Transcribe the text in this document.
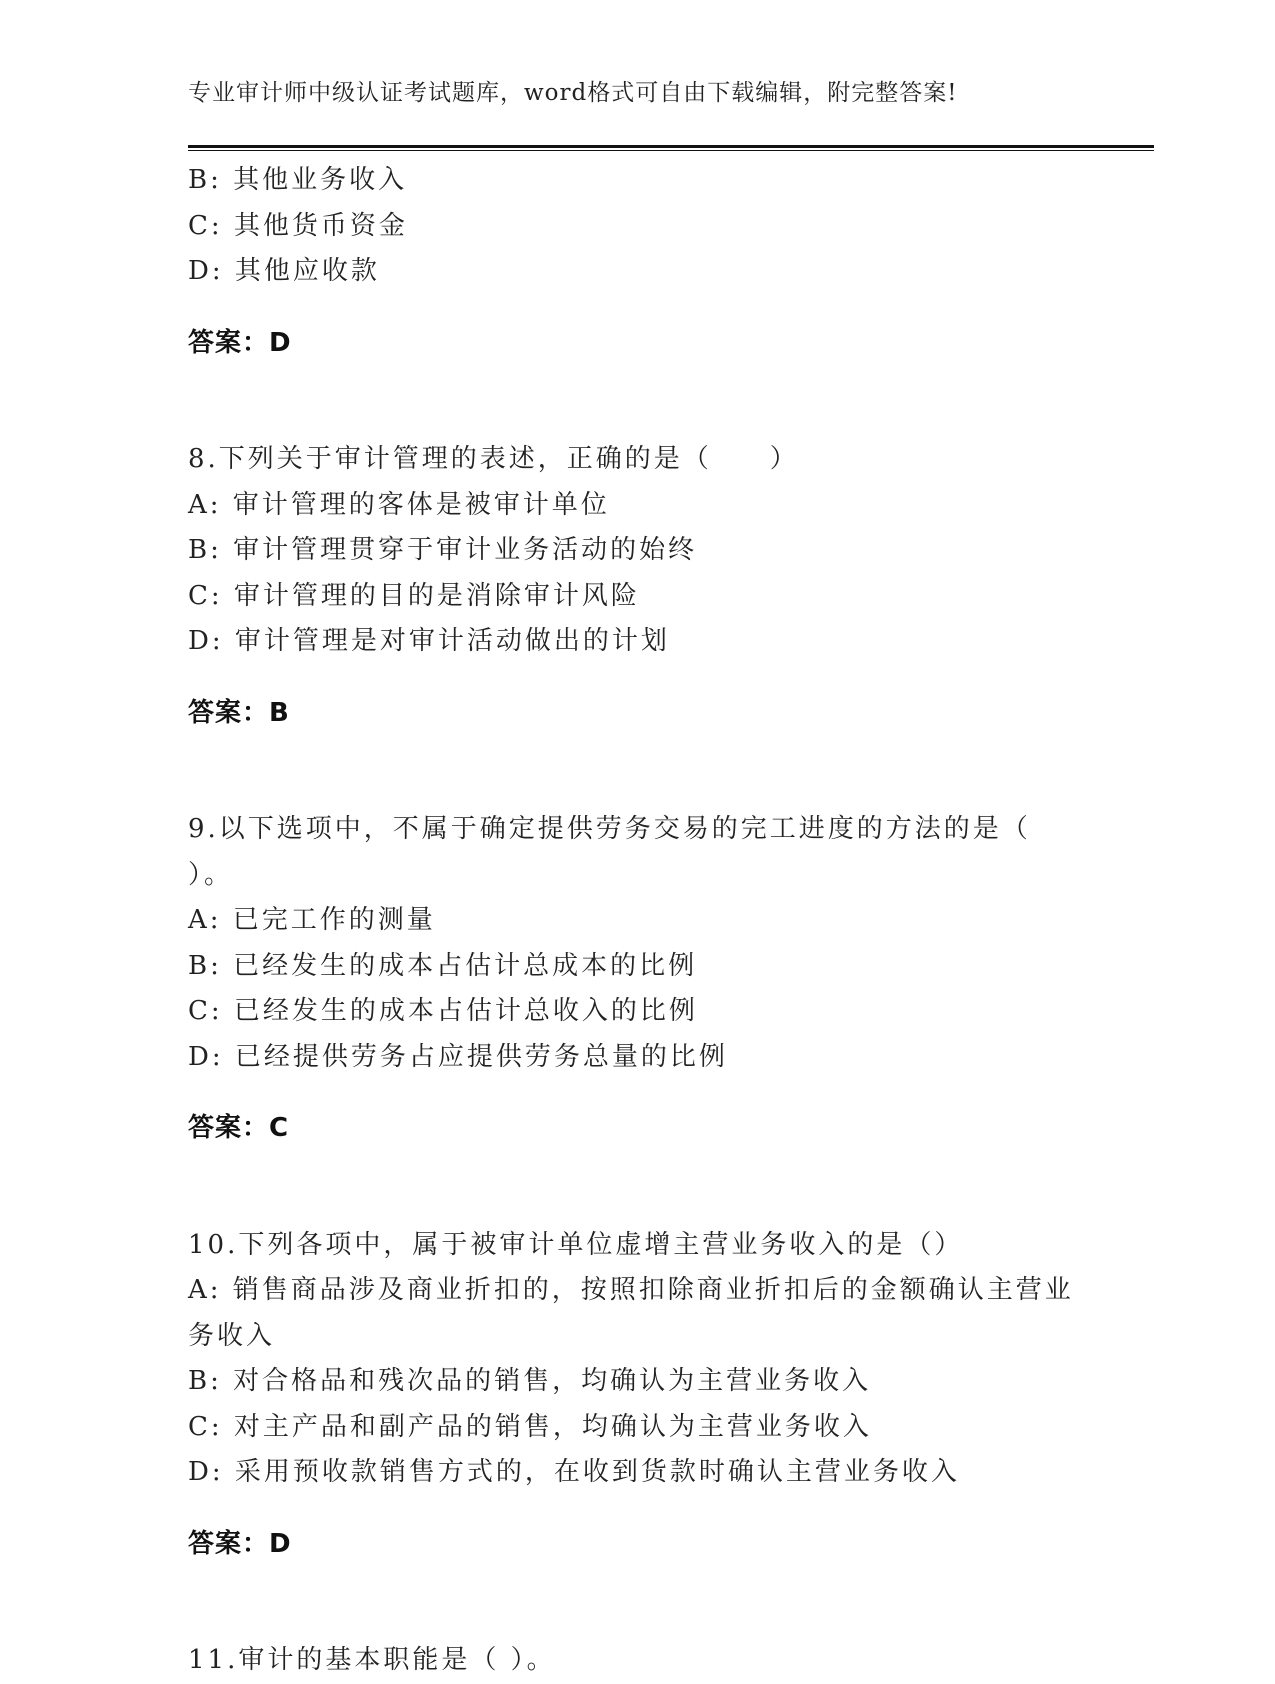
专业审计师中级认证考试题库，word格式可自由下载编辑，附完整答案!

B: 其他业务收入

C: 其他货币资金

D: 其他应收款

答案：D

8.下列关于审计管理的表述，正确的是（　　）

A: 审计管理的客体是被审计单位

B: 审计管理贯穿于审计业务活动的始终

C: 审计管理的目的是消除审计风险

D: 审计管理是对审计活动做出的计划

答案：B

9.以下选项中，不属于确定提供劳务交易的完工进度的方法的是（

）。

A: 已完工作的测量

B: 已经发生的成本占估计总成本的比例

C: 已经发生的成本占估计总收入的比例

D: 已经提供劳务占应提供劳务总量的比例

答案：C

10.下列各项中，属于被审计单位虚增主营业务收入的是（）

A: 销售商品涉及商业折扣的，按照扣除商业折扣后的金额确认主营业

务收入

B: 对合格品和残次品的销售，均确认为主营业务收入

C: 对主产品和副产品的销售，均确认为主营业务收入

D: 采用预收款销售方式的，在收到货款时确认主营业务收入

答案：D

11.审计的基本职能是（ ）。
